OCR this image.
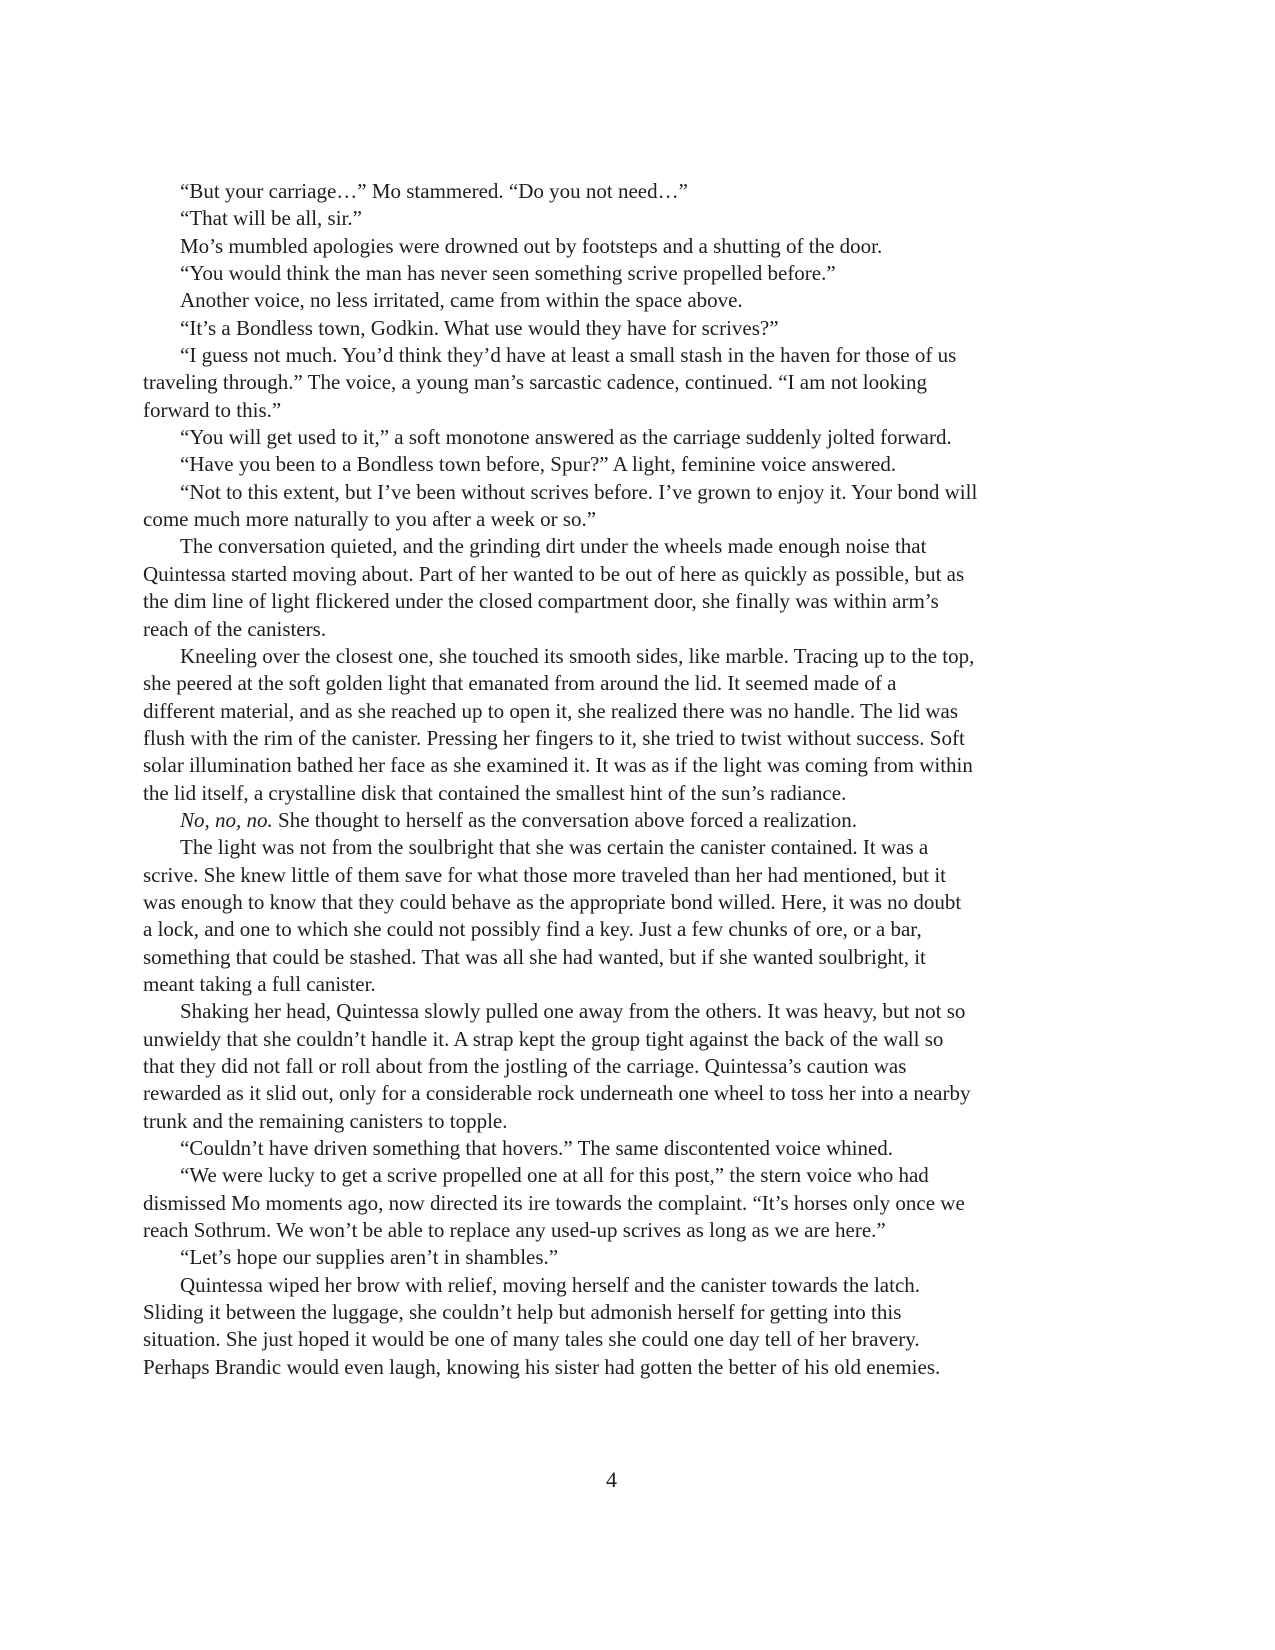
“But your carriage…” Mo stammered. “Do you not need…”
“That will be all, sir.”
Mo’s mumbled apologies were drowned out by footsteps and a shutting of the door.
“You would think the man has never seen something scrive propelled before.”
Another voice, no less irritated, came from within the space above.
“It’s a Bondless town, Godkin. What use would they have for scrives?”
“I guess not much. You’d think they’d have at least a small stash in the haven for those of us
traveling through.” The voice, a young man’s sarcastic cadence, continued. “I am not looking
forward to this.”
“You will get used to it,” a soft monotone answered as the carriage suddenly jolted forward.
“Have you been to a Bondless town before, Spur?” A light, feminine voice answered.
“Not to this extent, but I’ve been without scrives before. I’ve grown to enjoy it. Your bond will
come much more naturally to you after a week or so.”
The conversation quieted, and the grinding dirt under the wheels made enough noise that
Quintessa started moving about. Part of her wanted to be out of here as quickly as possible, but as
the dim line of light flickered under the closed compartment door, she finally was within arm’s
reach of the canisters.
Kneeling over the closest one, she touched its smooth sides, like marble. Tracing up to the top,
she peered at the soft golden light that emanated from around the lid. It seemed made of a
different material, and as she reached up to open it, she realized there was no handle. The lid was
flush with the rim of the canister. Pressing her fingers to it, she tried to twist without success. Soft
solar illumination bathed her face as she examined it. It was as if the light was coming from within
the lid itself, a crystalline disk that contained the smallest hint of the sun’s radiance.
No, no, no. She thought to herself as the conversation above forced a realization.
The light was not from the soulbright that she was certain the canister contained. It was a
scrive. She knew little of them save for what those more traveled than her had mentioned, but it
was enough to know that they could behave as the appropriate bond willed. Here, it was no doubt
a lock, and one to which she could not possibly find a key. Just a few chunks of ore, or a bar,
something that could be stashed. That was all she had wanted, but if she wanted soulbright, it
meant taking a full canister.
Shaking her head, Quintessa slowly pulled one away from the others. It was heavy, but not so
unwieldy that she couldn’t handle it. A strap kept the group tight against the back of the wall so
that they did not fall or roll about from the jostling of the carriage. Quintessa’s caution was
rewarded as it slid out, only for a considerable rock underneath one wheel to toss her into a nearby
trunk and the remaining canisters to topple.
“Couldn’t have driven something that hovers.” The same discontented voice whined.
“We were lucky to get a scrive propelled one at all for this post,” the stern voice who had
dismissed Mo moments ago, now directed its ire towards the complaint. “It’s horses only once we
reach Sothrum. We won’t be able to replace any used-up scrives as long as we are here.”
“Let’s hope our supplies aren’t in shambles.”
Quintessa wiped her brow with relief, moving herself and the canister towards the latch.
Sliding it between the luggage, she couldn’t help but admonish herself for getting into this
situation. She just hoped it would be one of many tales she could one day tell of her bravery.
Perhaps Brandic would even laugh, knowing his sister had gotten the better of his old enemies.
4
